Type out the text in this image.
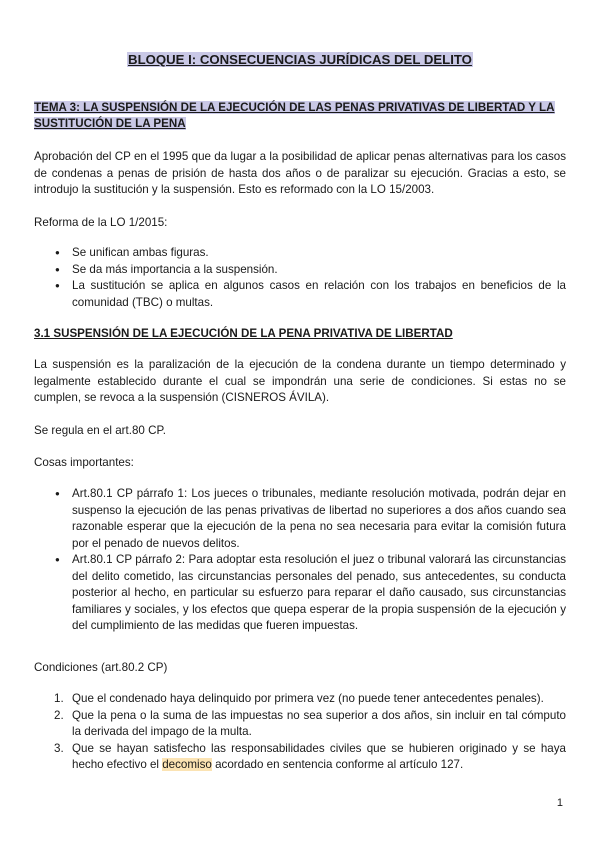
BLOQUE I: CONSECUENCIAS JURÍDICAS DEL DELITO
TEMA 3: LA SUSPENSIÓN DE LA EJECUCIÓN DE LAS PENAS PRIVATIVAS DE LIBERTAD Y LA SUSTITUCIÓN DE LA PENA
Aprobación del CP en el 1995 que da lugar a la posibilidad de aplicar penas alternativas para los casos de condenas a penas de prisión de hasta dos años o de paralizar su ejecución. Gracias a esto, se introdujo la sustitución y la suspensión. Esto es reformado con la LO 15/2003.
Reforma de la LO 1/2015:
● Se unifican ambas figuras.
● Se da más importancia a la suspensión.
● La sustitución se aplica en algunos casos en relación con los trabajos en beneficios de la comunidad (TBC) o multas.
3.1 SUSPENSIÓN DE LA EJECUCIÓN DE LA PENA PRIVATIVA DE LIBERTAD
La suspensión es la paralización de la ejecución de la condena durante un tiempo determinado y legalmente establecido durante el cual se impondrán una serie de condiciones. Si estas no se cumplen, se revoca a la suspensión (CISNEROS ÁVILA).
Se regula en el art.80 CP.
Cosas importantes:
● Art.80.1 CP párrafo 1: Los jueces o tribunales, mediante resolución motivada, podrán dejar en suspenso la ejecución de las penas privativas de libertad no superiores a dos años cuando sea razonable esperar que la ejecución de la pena no sea necesaria para evitar la comisión futura por el penado de nuevos delitos.
● Art.80.1 CP párrafo 2: Para adoptar esta resolución el juez o tribunal valorará las circunstancias del delito cometido, las circunstancias personales del penado, sus antecedentes, su conducta posterior al hecho, en particular su esfuerzo para reparar el daño causado, sus circunstancias familiares y sociales, y los efectos que quepa esperar de la propia suspensión de la ejecución y del cumplimiento de las medidas que fueren impuestas.
Condiciones (art.80.2 CP)
1. Que el condenado haya delinquido por primera vez (no puede tener antecedentes penales).
2. Que la pena o la suma de las impuestas no sea superior a dos años, sin incluir en tal cómputo la derivada del impago de la multa.
3. Que se hayan satisfecho las responsabilidades civiles que se hubieren originado y se haya hecho efectivo el decomiso acordado en sentencia conforme al artículo 127.
1
